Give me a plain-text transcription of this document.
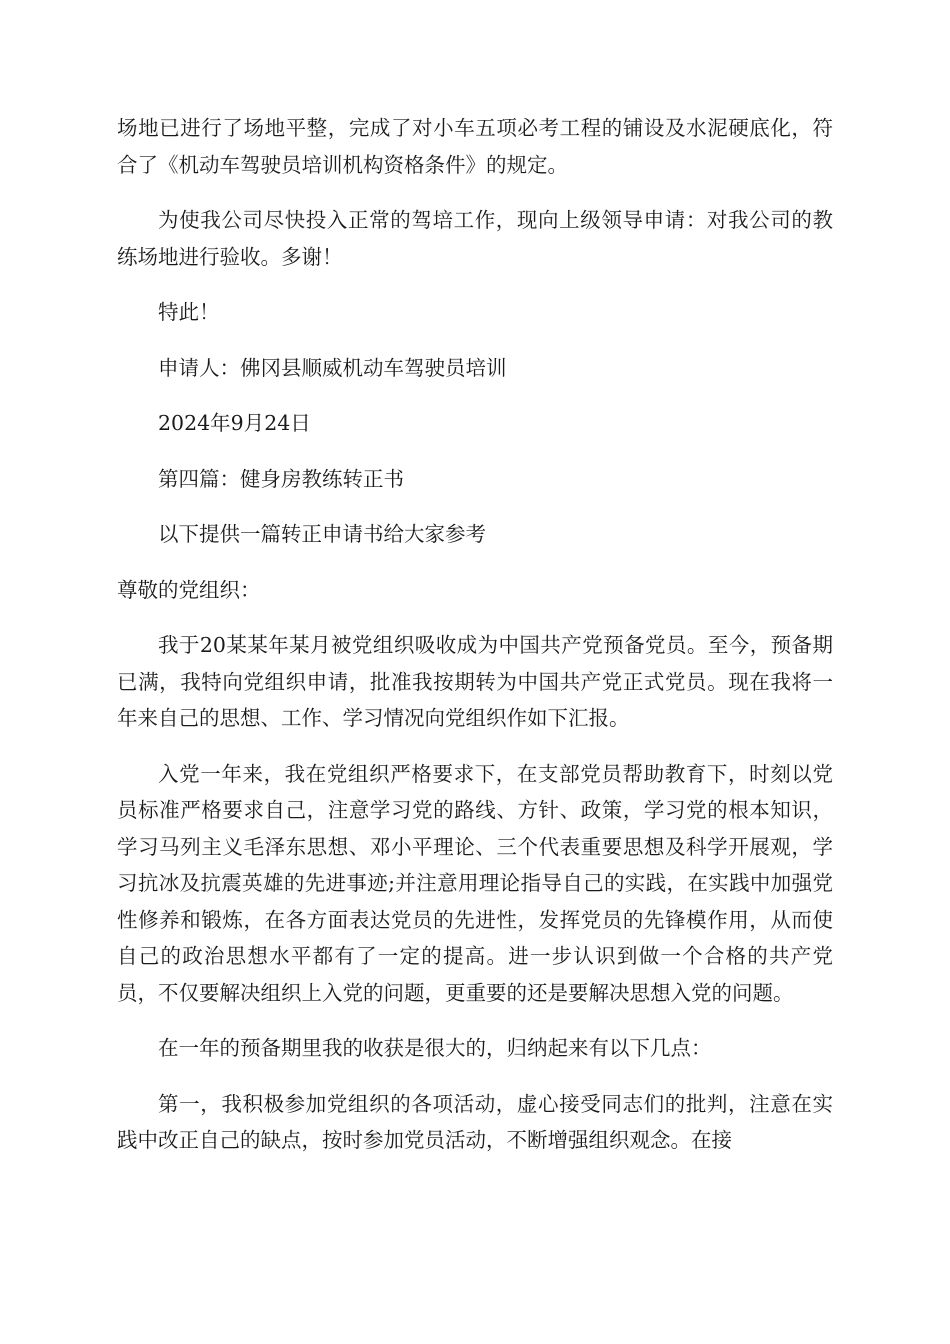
场地已进行了场地平整，完成了对小车五项必考工程的铺设及水泥硬底化，符合了《机动车驾驶员培训机构资格条件》的规定。

为使我公司尽快投入正常的驾培工作，现向上级领导申请：对我公司的教练场地进行验收。多谢！

特此！

申请人：佛冈县顺威机动车驾驶员培训

2024年9月24日

第四篇：健身房教练转正书

以下提供一篇转正申请书给大家参考

尊敬的党组织：

我于20某某年某月被党组织吸收成为中国共产党预备党员。至今，预备期已满，我特向党组织申请，批准我按期转为中国共产党正式党员。现在我将一年来自己的思想、工作、学习情况向党组织作如下汇报。

入党一年来，我在党组织严格要求下，在支部党员帮助教育下，时刻以党员标准严格要求自己，注意学习党的路线、方针、政策，学习党的根本知识，学习马列主义毛泽东思想、邓小平理论、三个代表重要思想及科学开展观，学习抗冰及抗震英雄的先进事迹;并注意用理论指导自己的实践，在实践中加强党性修养和锻炼，在各方面表达党员的先进性，发挥党员的先锋模作用，从而使自己的政治思想水平都有了一定的提高。进一步认识到做一个合格的共产党员，不仅要解决组织上入党的问题，更重要的还是要解决思想入党的问题。

在一年的预备期里我的收获是很大的，归纳起来有以下几点：

第一，我积极参加党组织的各项活动，虚心接受同志们的批判，注意在实践中改正自己的缺点，按时参加党员活动，不断增强组织观念。在接
